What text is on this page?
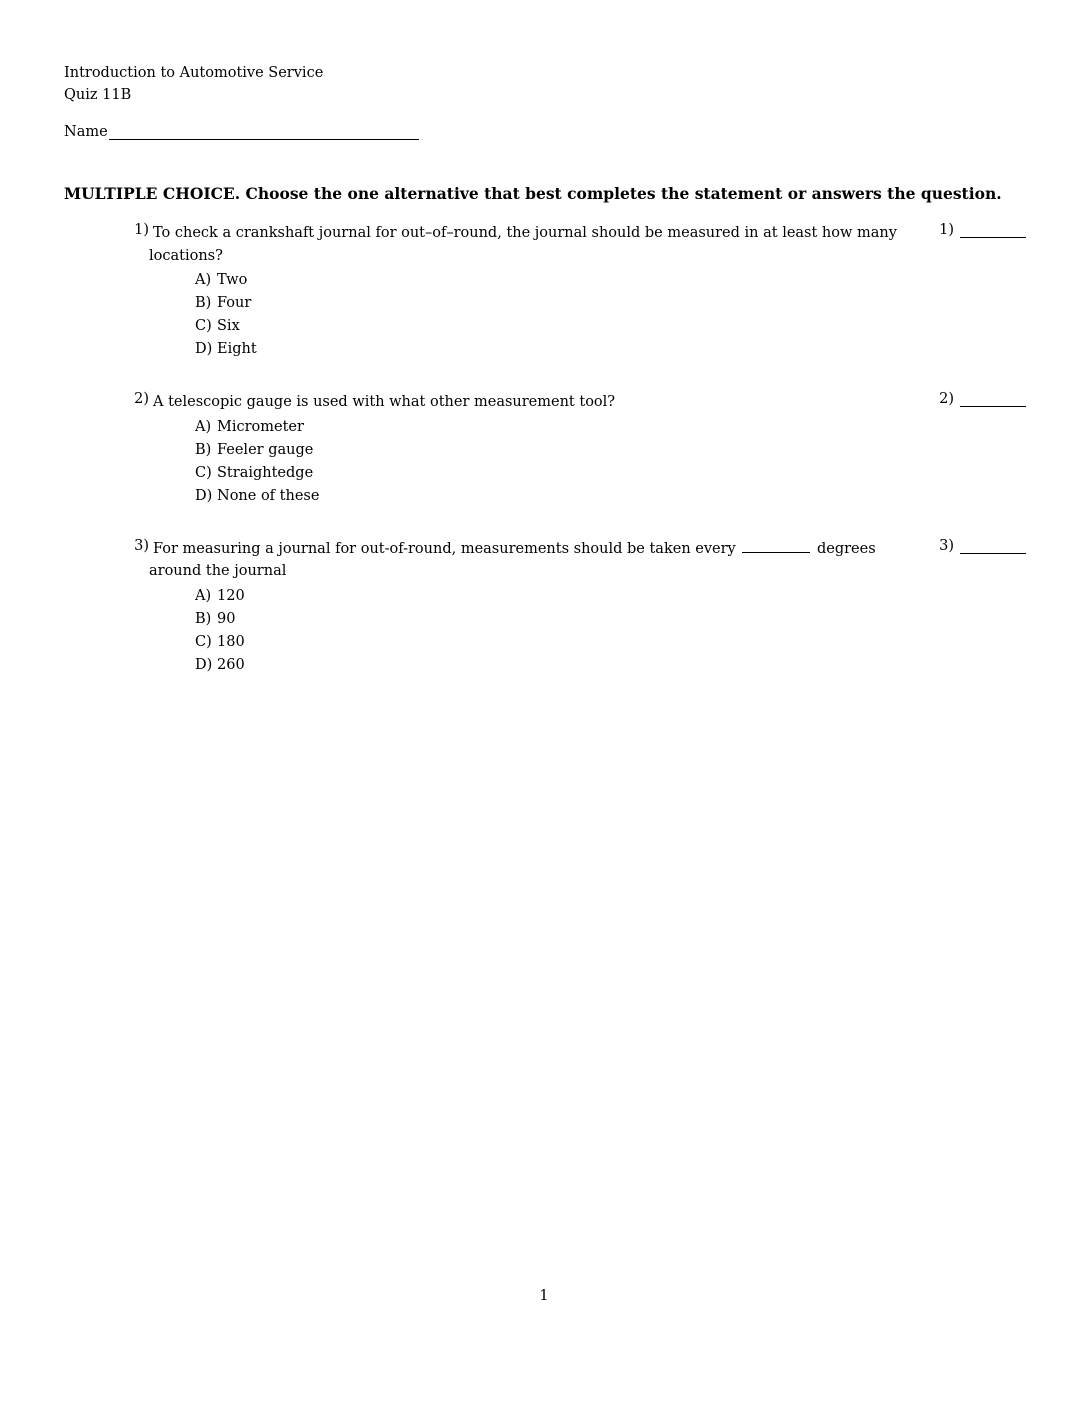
Introduction to Automotive Service
Quiz 11B
Name
MULTIPLE CHOICE. Choose the one alternative that best completes the statement or answers the question.
1) To check a crankshaft journal for out–of–round, the journal should be measured in at least how many locations?
A) Two
B) Four
C) Six
D) Eight
1)
2) A telescopic gauge is used with what other measurement tool?
A) Micrometer
B) Feeler gauge
C) Straightedge
D) None of these
2)
3) For measuring a journal for out-of-round, measurements should be taken every	degrees around the journal
A) 120
B) 90
C) 180
D) 260
3)
1
